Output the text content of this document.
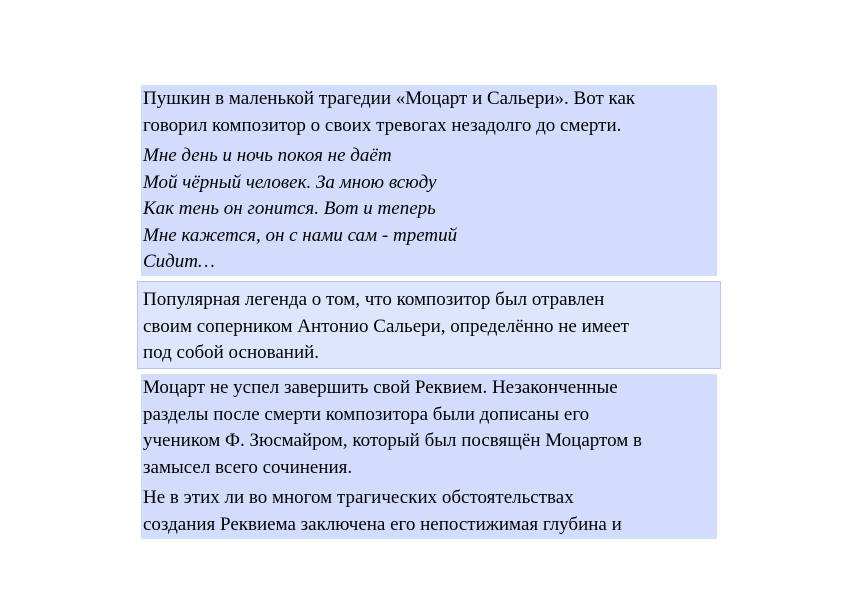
Пушкин в маленькой трагедии «Моцарт и Сальери». Вот как
говорил композитор о своих тревогах незадолго до смерти.

Мне день и ночь покоя не даёт
Мой чёрный человек. За мною всюду
Как тень он гонится. Вот и теперь
Мне кажется, он с нами сам - третий
Сидит…

Популярная легенда о том, что композитор был отравлен
своим соперником Антонио Сальери, определённо не имеет
под собой оснований.

Моцарт не успел завершить свой Реквием. Незаконченные
разделы после смерти композитора были дописаны его
учеником Ф. Зюсмайром, который был посвящён Моцартом в
замысел всего сочинения.

Не в этих ли во многом трагических обстоятельствах
создания Реквиема заключена его непостижимая глубина и
